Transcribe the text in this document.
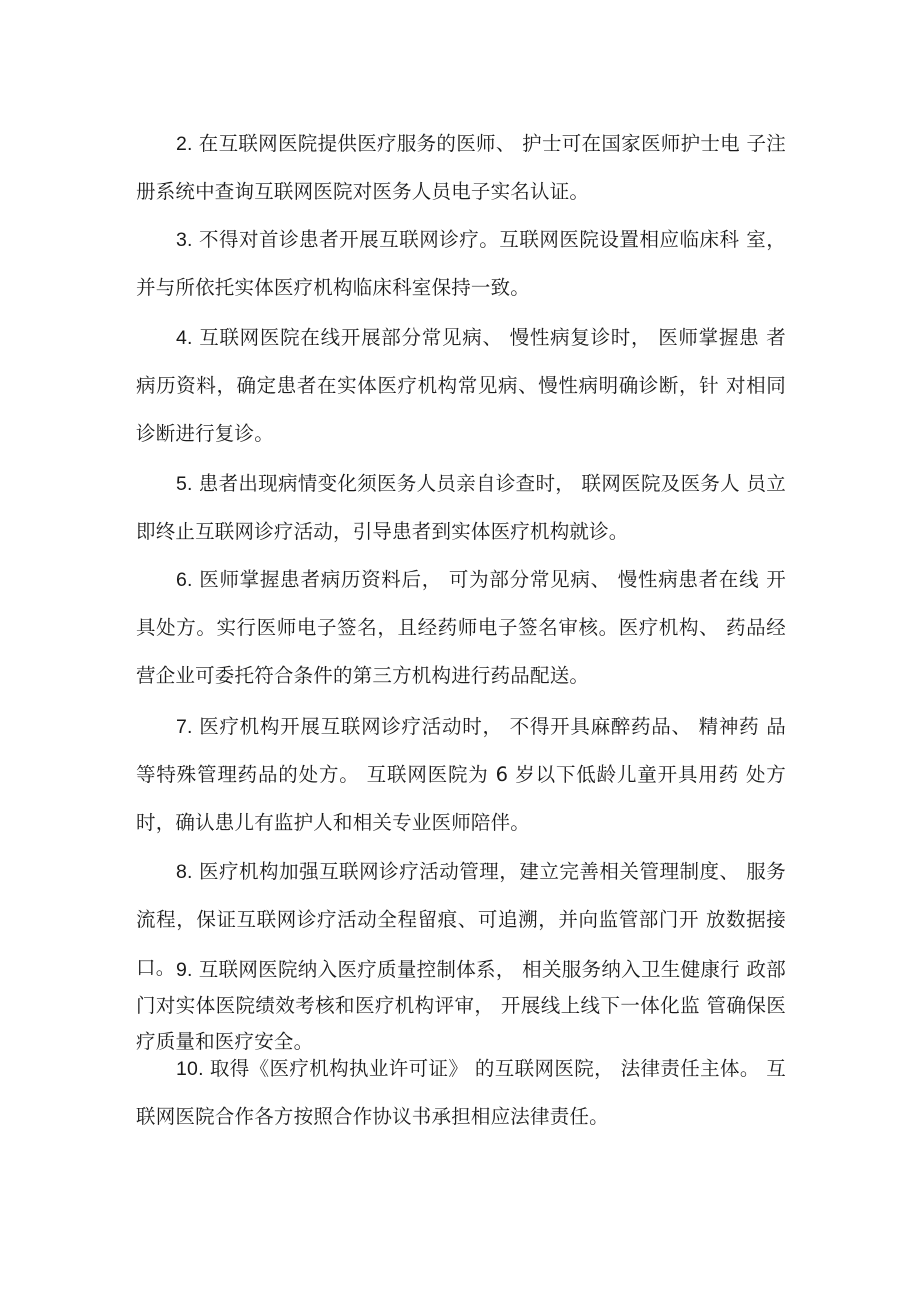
2. 在互联网医院提供医疗服务的医师、 护士可在国家医师护士电 子注册系统中查询互联网医院对医务人员电子实名认证。

3. 不得对首诊患者开展互联网诊疗。互联网医院设置相应临床科 室，并与所依托实体医疗机构临床科室保持一致。

4. 互联网医院在线开展部分常见病、 慢性病复诊时， 医师掌握患 者病历资料，确定患者在实体医疗机构常见病、慢性病明确诊断，针 对相同诊断进行复诊。

5. 患者出现病情变化须医务人员亲自诊查时， 联网医院及医务人 员立即终止互联网诊疗活动，引导患者到实体医疗机构就诊。

6. 医师掌握患者病历资料后， 可为部分常见病、 慢性病患者在线 开具处方。实行医师电子签名，且经药师电子签名审核。医疗机构、 药品经营企业可委托符合条件的第三方机构进行药品配送。

7. 医疗机构开展互联网诊疗活动时， 不得开具麻醉药品、 精神药 品等特殊管理药品的处方。 互联网医院为 6 岁以下低龄儿童开具用药 处方时，确认患儿有监护人和相关专业医师陪伴。

8. 医疗机构加强互联网诊疗活动管理，建立完善相关管理制度、 服务流程，保证互联网诊疗活动全程留痕、可追溯，并向监管部门开 放数据接口。 9. 互联网医院纳入医疗质量控制体系， 相关服务纳入卫生健康行 政部门对实体医院绩效考核和医疗机构评审， 开展线上线下一体化监 管确保医疗质量和医疗安全。

10. 取得《医疗机构执业许可证》 的互联网医院， 法律责任主体。 互联网医院合作各方按照合作协议书承担相应法律责任。
